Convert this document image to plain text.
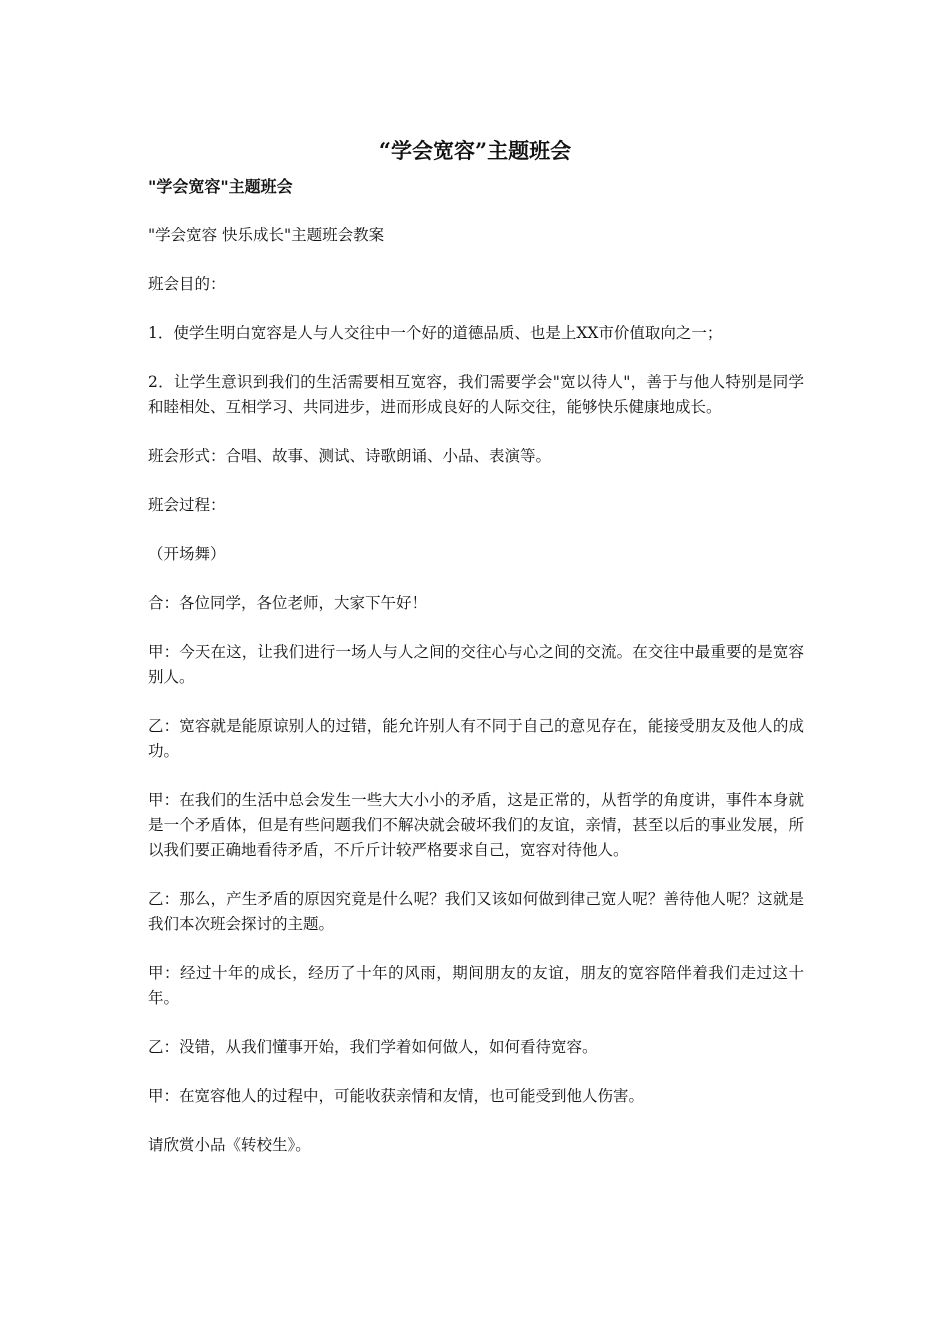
“学会宽容”主题班会

"学会宽容"主题班会

"学会宽容 快乐成长"主题班会教案

班会目的：

1．使学生明白宽容是人与人交往中一个好的道德品质、也是上XX市价值取向之一；

2．让学生意识到我们的生活需要相互宽容，我们需要学会"宽以待人"，善于与他人特别是同学和睦相处、互相学习、共同进步，进而形成良好的人际交往，能够快乐健康地成长。

班会形式：合唱、故事、测试、诗歌朗诵、小品、表演等。

班会过程：

（开场舞）

合：各位同学，各位老师，大家下午好！

甲：今天在这，让我们进行一场人与人之间的交往心与心之间的交流。在交往中最重要的是宽容别人。

乙：宽容就是能原谅别人的过错，能允许别人有不同于自己的意见存在，能接受朋友及他人的成功。

甲：在我们的生活中总会发生一些大大小小的矛盾，这是正常的，从哲学的角度讲，事件本身就是一个矛盾体，但是有些问题我们不解决就会破坏我们的友谊，亲情，甚至以后的事业发展，所以我们要正确地看待矛盾，不斤斤计较严格要求自己，宽容对待他人。

乙：那么，产生矛盾的原因究竟是什么呢？我们又该如何做到律己宽人呢？善待他人呢？这就是我们本次班会探讨的主题。

甲：经过十年的成长，经历了十年的风雨，期间朋友的友谊，朋友的宽容陪伴着我们走过这十年。

乙：没错，从我们懂事开始，我们学着如何做人，如何看待宽容。

甲：在宽容他人的过程中，可能收获亲情和友情，也可能受到他人伤害。

请欣赏小品《转校生》。
